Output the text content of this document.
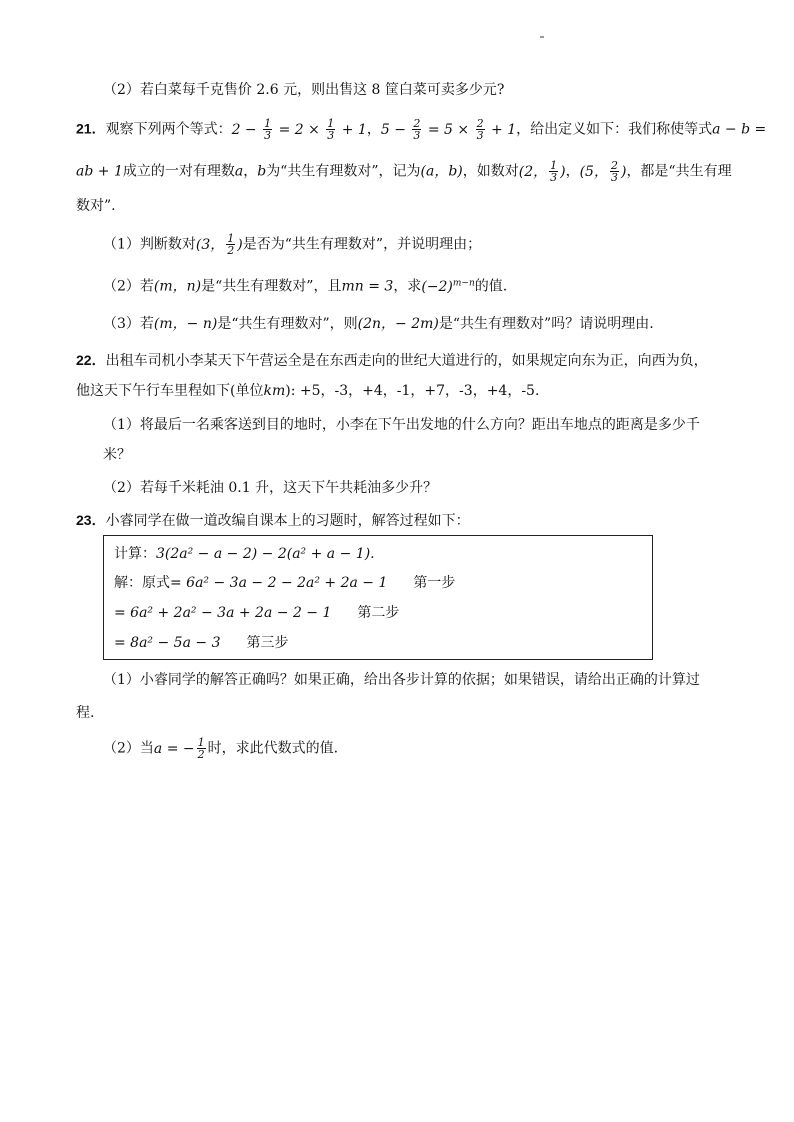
（2）若白菜每千克售价 2.6 元，则出售这 8 筐白菜可卖多少元?
21．观察下列两个等式：$2 - \frac{1}{3} = 2 \times \frac{1}{3} + 1$，$5 - \frac{2}{3} = 5 \times \frac{2}{3} + 1$，给出定义如下：我们称使等式a − b =
ab + 1成立的一对有理数a，b为“共生有理数对”，记为(a，b)，如数对(2， $\frac{1}{3}$ )，(5， $\frac{2}{3}$ )，都是“共生有理
数对”.
（1）判断数对(3， $\frac{1}{2}$ )是否为“共生有理数对”，并说明理由；
（2）若(m，n)是“共生有理数对”，且mn = 3，求$(-2)^{m-n}$的值.
（3）若(m，− n)是“共生有理数对”，则(2n，− 2m)是“共生有理数对”吗？请说明理由.
22．出租车司机小李某天下午营运全是在东西走向的世纪大道进行的，如果规定向东为正，向西为负，
他这天下午行车里程如下(单位km): +5，-3，+4，-1，+7，-3，+4，-5.
（1）将最后一名乘客送到目的地时，小李在下午出发地的什么方向？距出车地点的距离是多少千
米？
（2）若每千米耗油 0.1 升，这天下午共耗油多少升？
23．小睿同学在做一道改编自课本上的习题时，解答过程如下：
计算：3(2a² − a − 2) − 2(a² + a − 1).
解：原式= 6a² − 3a − 2 − 2a² + 2a − 1 第一步
= 6a² + 2a² − 3a + 2a − 2 − 1 第二步
= 8a² − 5a − 3 第三步
（1）小睿同学的解答正确吗？如果正确，给出各步计算的依据；如果错误，请给出正确的计算过
程.
（2）当a = − $\frac{1}{2}$ 时，求此代数式的值.
